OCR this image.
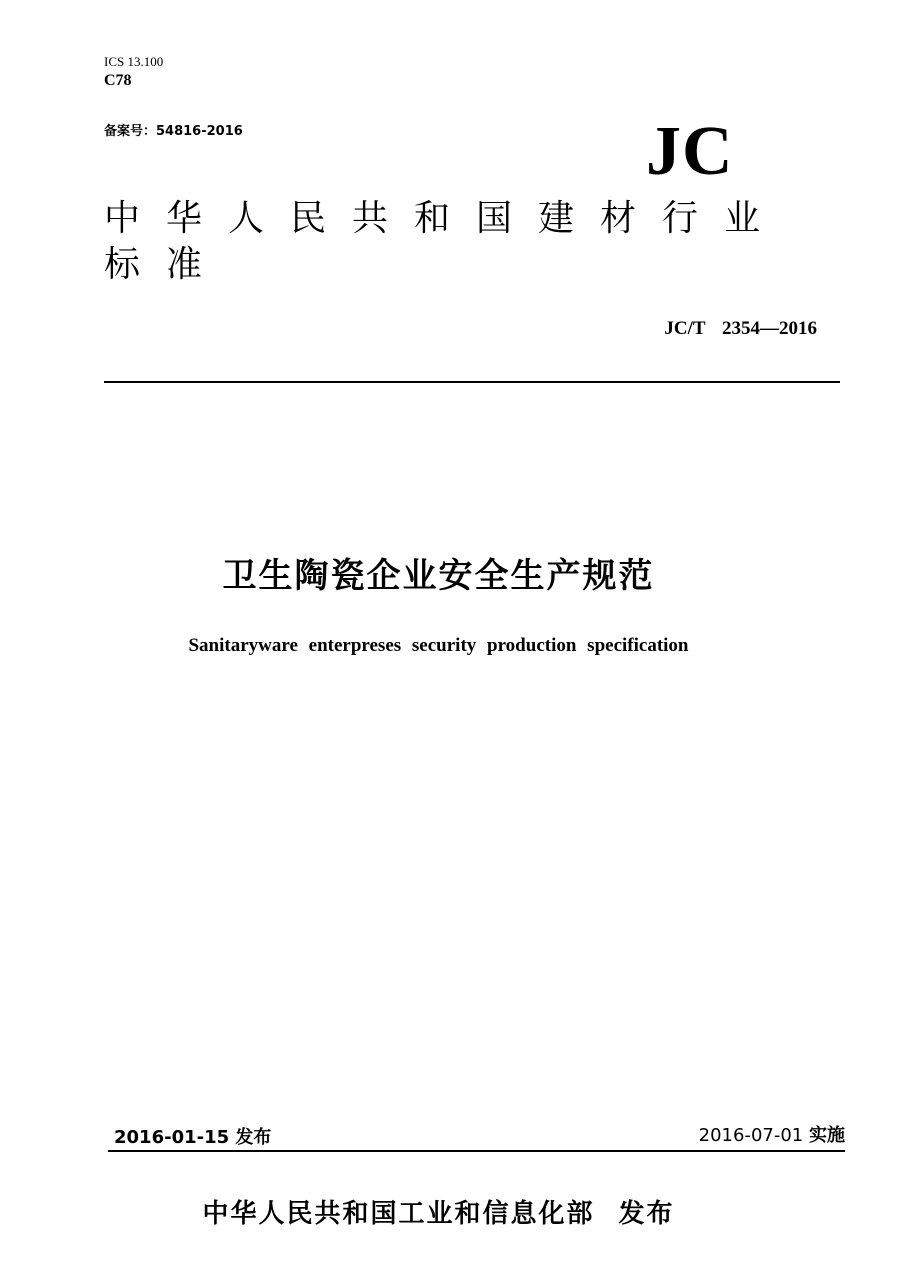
ICS 13.100
C78
备案号：54816-2016	JC
中华人民共和国建材行业标准
JC/T 2354—2016
卫生陶瓷企业安全生产规范
Sanitaryware enterpreses security production specification
2016-01-15 发布	2016-07-01 实施
中华人民共和国工业和信息化部 发布
